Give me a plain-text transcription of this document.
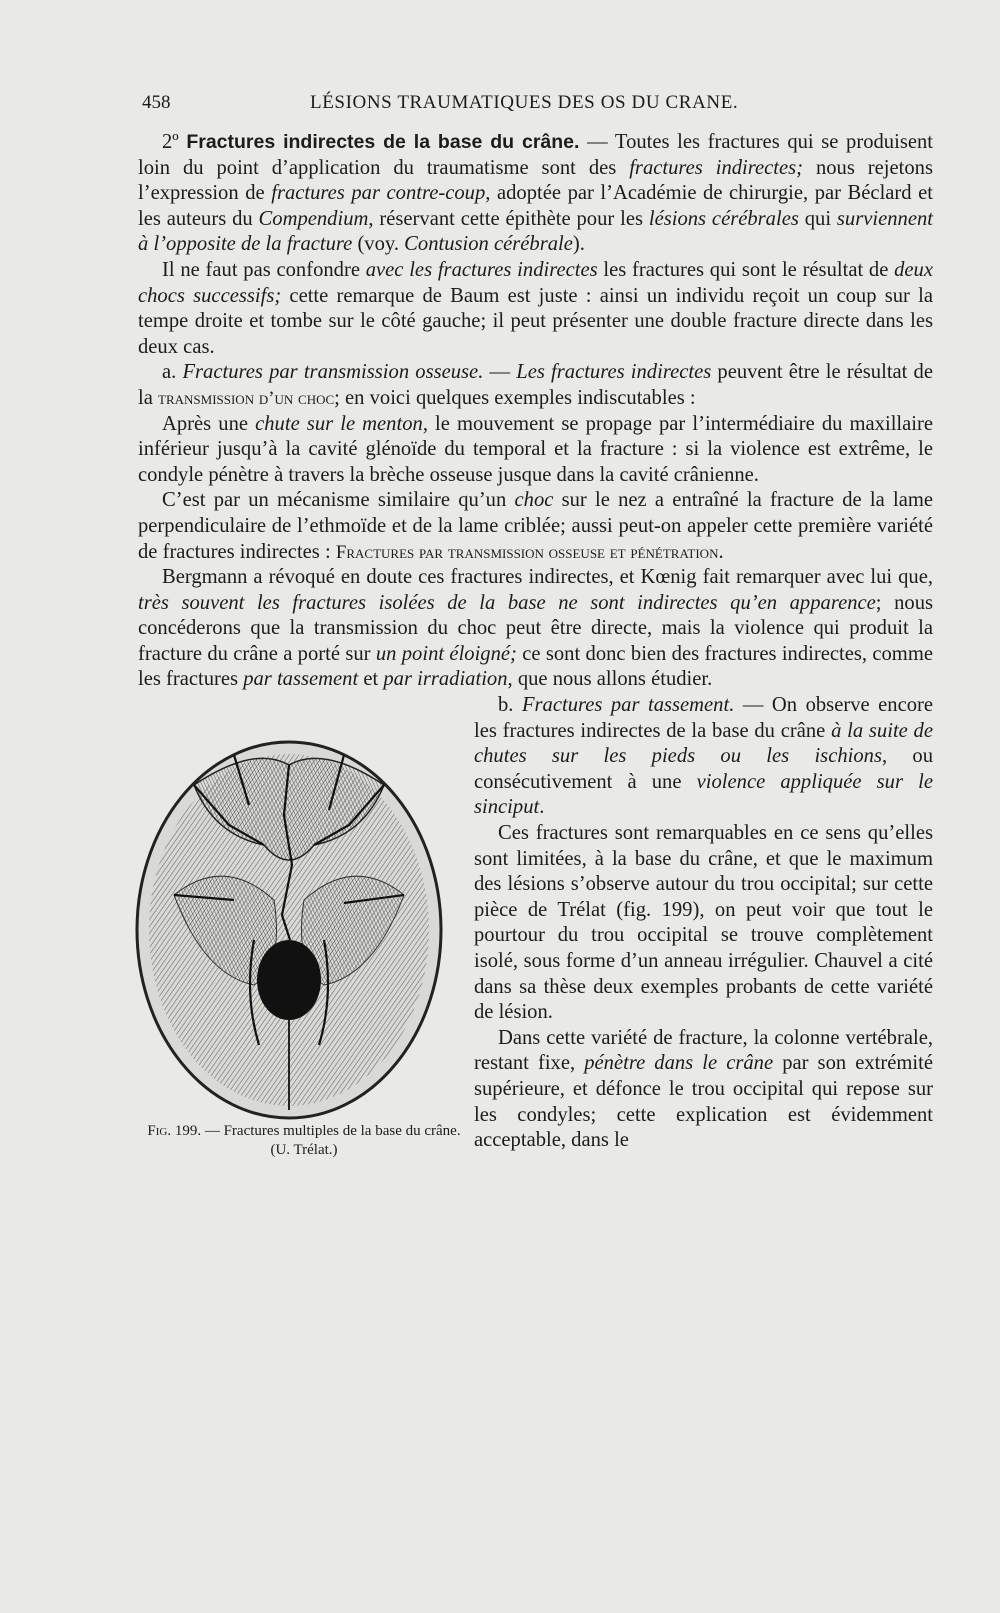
458	LÉSIONS TRAUMATIQUES DES OS DU CRANE.

2º Fractures indirectes de la base du crâne. — Toutes les fractures qui se produisent loin du point d’application du traumatisme sont des fractures indirectes; nous rejetons l’expression de fractures par contre-coup, adoptée par l’Académie de chirurgie, par Béclard et les auteurs du Compendium, réservant cette épithète pour les lésions cérébrales qui surviennent à l’opposite de la fracture (voy. Contusion cérébrale).

Il ne faut pas confondre avec les fractures indirectes les fractures qui sont le résultat de deux chocs successifs; cette remarque de Baum est juste : ainsi un individu reçoit un coup sur la tempe droite et tombe sur le côté gauche; il peut présenter une double fracture directe dans les deux cas.

a. Fractures par transmission osseuse. — Les fractures indirectes peuvent être le résultat de la transmission d’un choc; en voici quelques exemples indiscutables :

Après une chute sur le menton, le mouvement se propage par l’intermédiaire du maxillaire inférieur jusqu’à la cavité glénoïde du temporal et la fracture : si la violence est extrême, le condyle pénètre à travers la brèche osseuse jusque dans la cavité crânienne.

C’est par un mécanisme similaire qu’un choc sur le nez a entraîné la fracture de la lame perpendiculaire de l’ethmoïde et de la lame criblée; aussi peut-on appeler cette première variété de fractures indirectes : Fractures par transmission osseuse et pénétration.

Bergmann a révoqué en doute ces fractures indirectes, et Kœnig fait remarquer avec lui que, très souvent les fractures isolées de la base ne sont indirectes qu’en apparence; nous concéderons que la transmission du choc peut être directe, mais la violence qui produit la fracture du crâne a porté sur un point éloigné; ce sont donc bien des fractures indirectes, comme les fractures par tassement et par irradiation, que nous allons étudier.

Fig. 199. — Fractures multiples de la base du crâne. (U. Trélat.)

b. Fractures par tassement. — On observe encore les fractures indirectes de la base du crâne à la suite de chutes sur les pieds ou les ischions, ou consécutivement à une violence appliquée sur le sinciput.

Ces fractures sont remarquables en ce sens qu’elles sont limitées, à la base du crâne, et que le maximum des lésions s’observe autour du trou occipital; sur cette pièce de Trélat (fig. 199), on peut voir que tout le pourtour du trou occipital se trouve complètement isolé, sous forme d’un anneau irrégulier. Chauvel a cité dans sa thèse deux exemples probants de cette variété de lésion.

Dans cette variété de fracture, la colonne vertébrale, restant fixe, pénètre dans le crâne par son extrémité supérieure, et défonce le trou occipital qui repose sur les condyles; cette explication est évidemment acceptable, dans le
